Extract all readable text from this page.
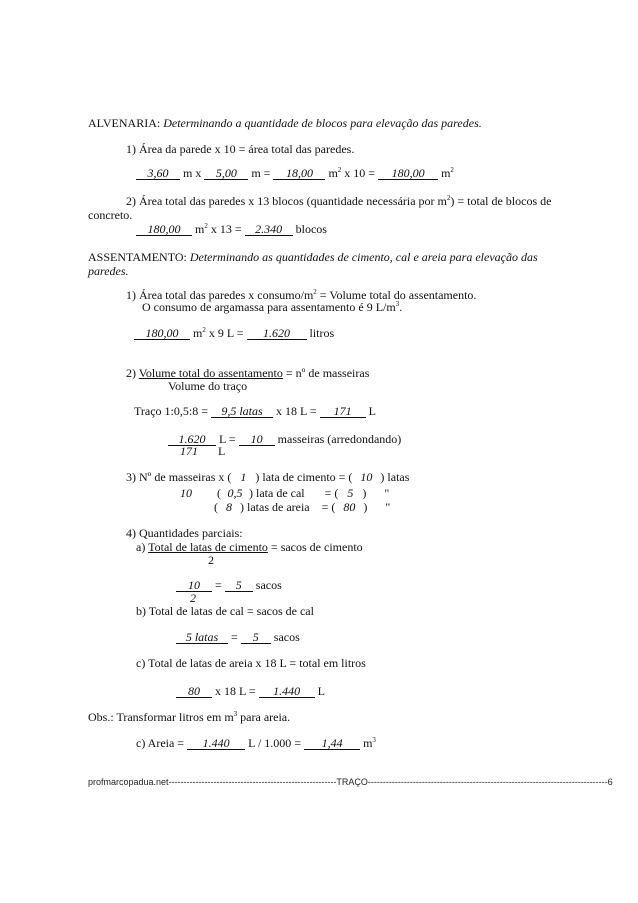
ALVENARIA: Determinando a quantidade de blocos para elevação das paredes.
1) Área da parede x 10 = área total das paredes.
3,60 m x 5,00 m = 18,00 $m^2$ x 10 = 180,00 $m^2$
2) Área total das paredes x 13 blocos (quantidade necessária por $m^2$) = total de blocos de
concreto.
180,00 $m^2$ x 13 = 2.340 blocos
ASSENTAMENTO: Determinando as quantidades de cimento, cal e areia para elevação das
paredes.
1) Área total das paredes x consumo/$m^2$ = Volume total do assentamento.
O consumo de argamassa para assentamento é 9 $L/m^3$.
180,00 $m^2$ x 9 L = 1.620 litros
2) Volume total do assentamento = nº de masseiras
Volume do traço
Traço 1:0,5:8 = 9,5 latas x 18 L = 171 L
1.620 L = 10 masseiras (arredondando)
171 L
3) Nº de masseiras x ( 1 ) lata de cimento = ( 10 ) latas
10 ( 0,5 ) lata de cal = ( 5 ) "
( 8 ) latas de areia = ( 80 ) "
4) Quantidades parciais:
a) Total de latas de cimento = sacos de cimento
2
10 = 5 sacos
2
b) Total de latas de cal = sacos de cal
5 latas = 5 sacos
c) Total de latas de areia x 18 L = total em litros
80 x 18 L = 1.440 L
Obs.: Transformar litros em $m^3$ para areia.
c) Areia = 1.440 L / 1.000 = 1,44 $m^3$
profmarcopadua.net--------------------------------------------------------TRAÇO--------------------------------------------------------------------------------6
